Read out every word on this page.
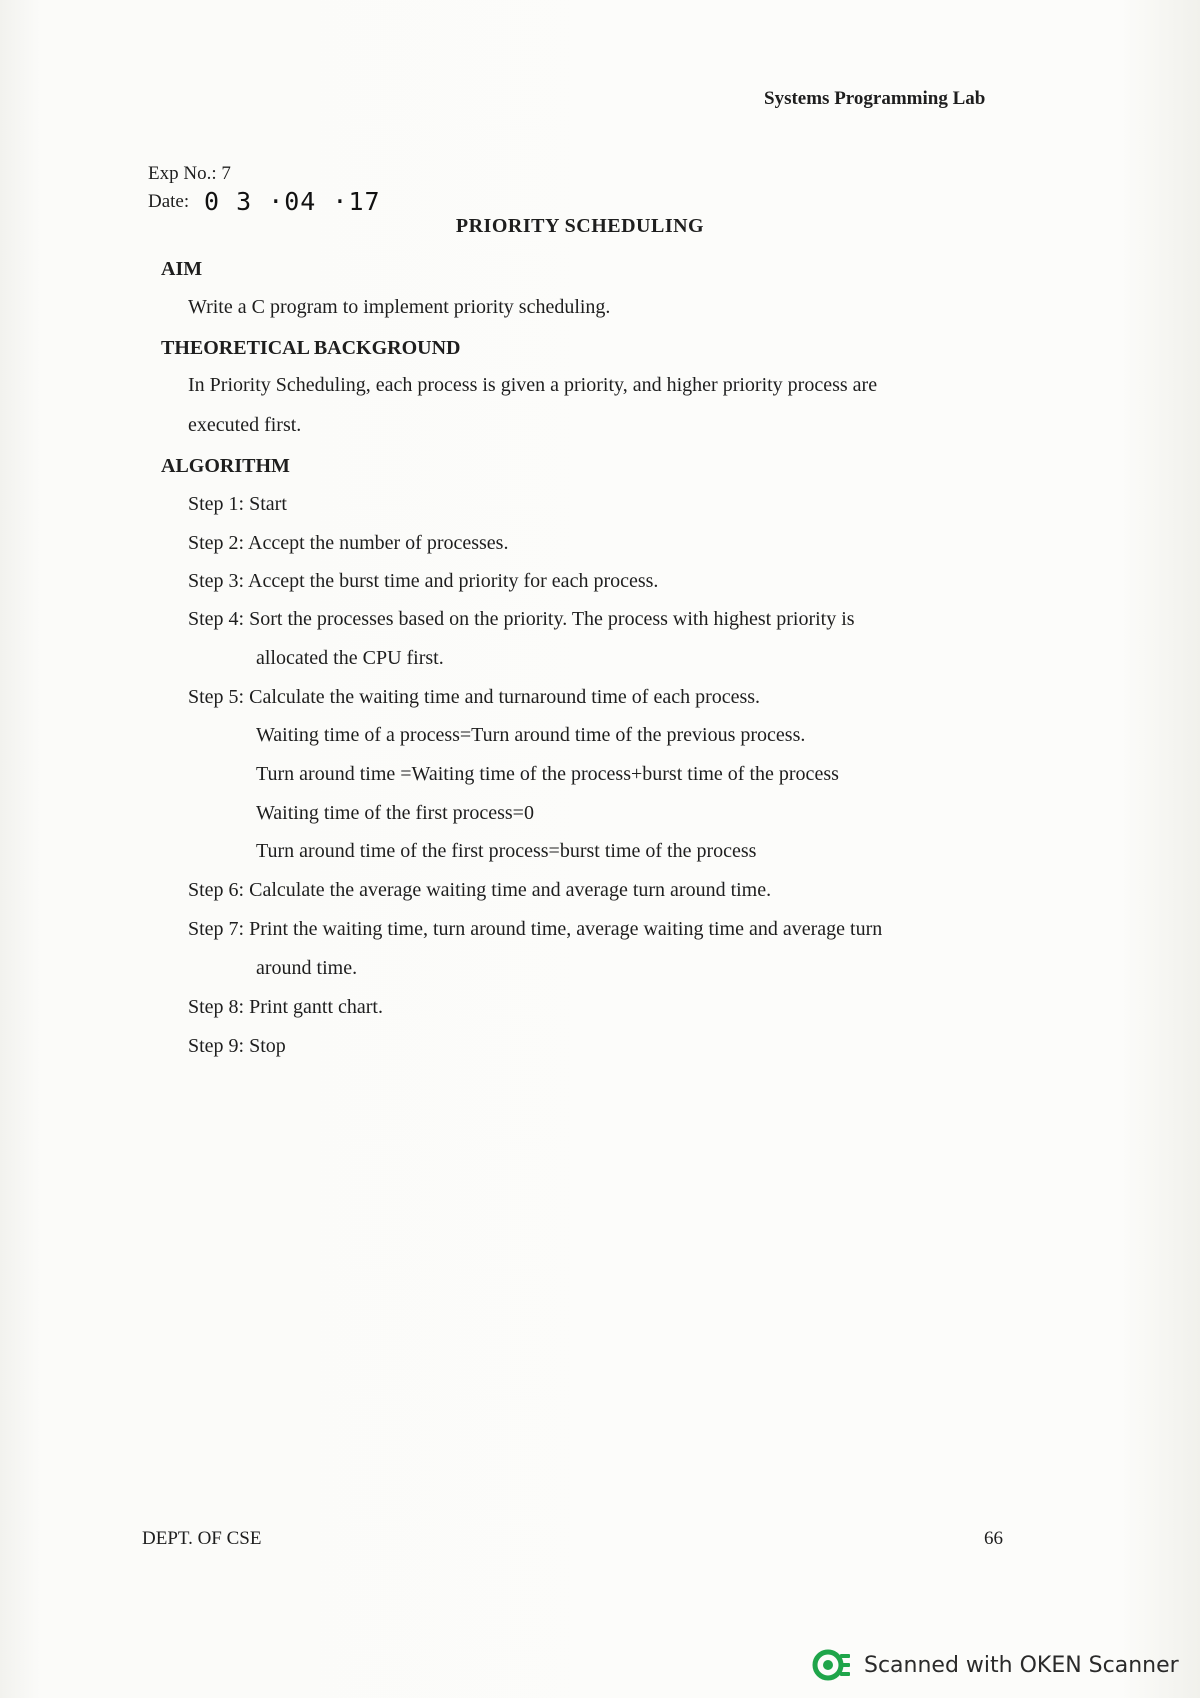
Systems Programming Lab
Exp No.: 7
Date: 0 3 ·04 ·17
PRIORITY SCHEDULING
AIM
Write a C program to implement priority scheduling.
THEORETICAL BACKGROUND
In Priority Scheduling, each process is given a priority, and higher priority process are
executed first.
ALGORITHM
Step 1: Start
Step 2: Accept the number of processes.
Step 3: Accept the burst time and priority for each process.
Step 4: Sort the processes based on the priority. The process with highest priority is
allocated the CPU first.
Step 5: Calculate the waiting time and turnaround time of each process.
Waiting time of a process=Turn around time of the previous process.
Turn around time =Waiting time of the process+burst time of the process
Waiting time of the first process=0
Turn around time of the first process=burst time of the process
Step 6: Calculate the average waiting time and average turn around time.
Step 7: Print the waiting time, turn around time, average waiting time and average turn
around time.
Step 8: Print gantt chart.
Step 9: Stop
DEPT. OF CSE	66
Scanned with OKEN Scanner
